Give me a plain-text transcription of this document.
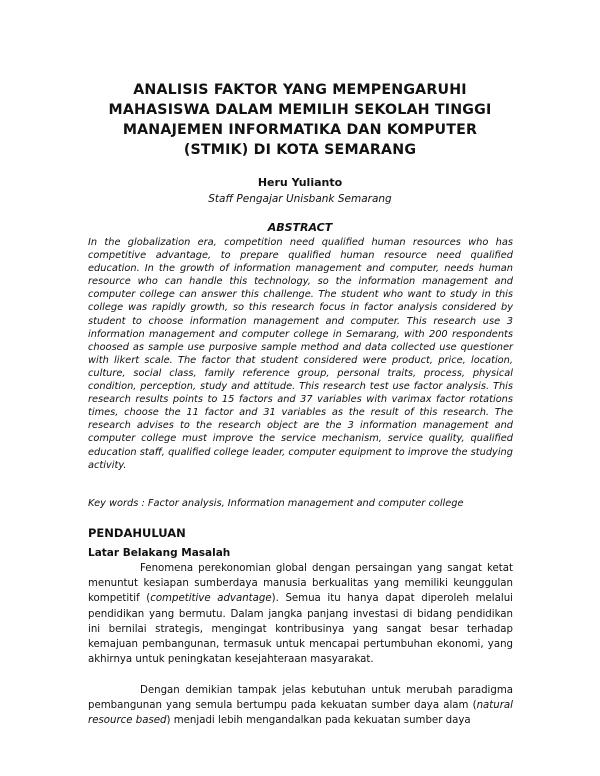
ANALISIS FAKTOR YANG MEMPENGARUHI
MAHASISWA DALAM MEMILIH SEKOLAH TINGGI
MANAJEMEN INFORMATIKA DAN KOMPUTER
(STMIK) DI KOTA SEMARANG

Heru Yulianto

Staff Pengajar Unisbank Semarang

ABSTRACT

In the globalization era, competition need qualified human resources who has competitive advantage, to prepare qualified human resource need qualified education. In the growth of information management and computer, needs human resource who can handle this technology, so the information management and computer college can answer this challenge. The student who want to study in this college was rapidly growth, so this research focus in factor analysis considered by student to choose information management and computer. This research use 3 information management and computer college in Semarang, with 200 respondents choosed as sample use purposive sample method and data collected use questioner with likert scale. The factor that student considered were product, price, location, culture, social class, family reference group, personal traits, process, physical condition, perception, study and attitude. This research test use factor analysis. This research results points to 15 factors and 37 variables with varimax factor rotations times, choose the 11 factor and 31 variables as the result of this research. The research advises to the research object are the 3 information management and computer college must improve the service mechanism, service quality, qualified education staff, qualified college leader, computer equipment to improve the studying activity.

Key words : Factor analysis, Information management and computer college

PENDAHULUAN
Latar Belakang Masalah

Fenomena perekonomian global dengan persaingan yang sangat ketat menuntut kesiapan sumberdaya manusia berkualitas yang memiliki keunggulan kompetitif (competitive advantage). Semua itu hanya dapat diperoleh melalui pendidikan yang bermutu. Dalam jangka panjang investasi di bidang pendidikan ini bernilai strategis, mengingat kontribusinya yang sangat besar terhadap kemajuan pembangunan, termasuk untuk mencapai pertumbuhan ekonomi, yang akhirnya untuk peningkatan kesejahteraan masyarakat.

Dengan demikian tampak jelas kebutuhan untuk merubah paradigma pembangunan yang semula bertumpu pada kekuatan sumber daya alam (natural resource based) menjadi lebih mengandalkan pada kekuatan sumber daya
